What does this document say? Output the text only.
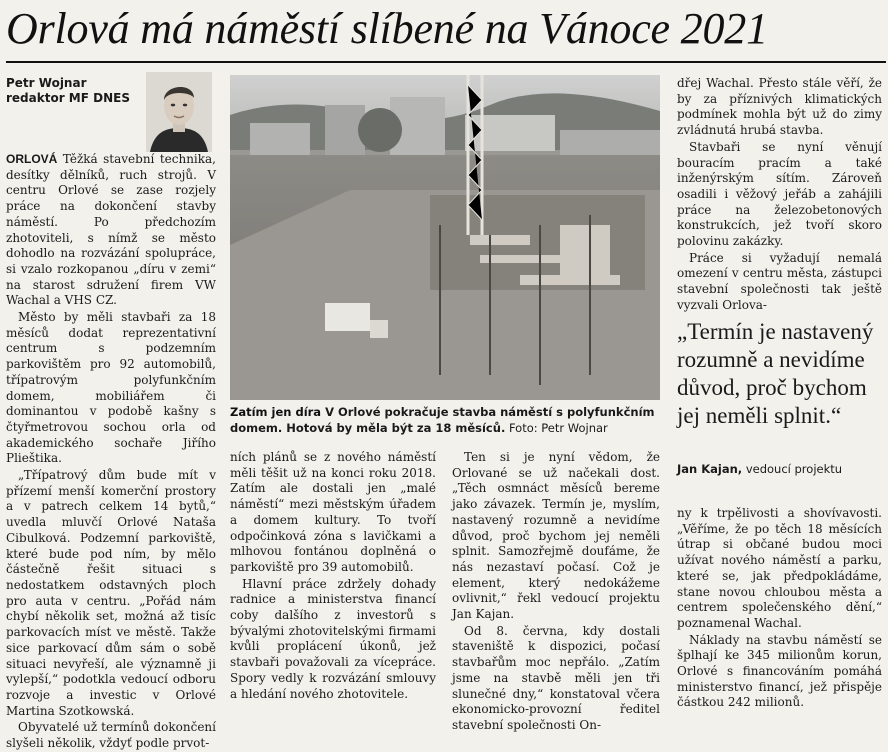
Orlová má náměstí slíbené na Vánoce 2021
Petr Wojnar
redaktor MF DNES

ORLOVÁ Těžká stavební technika, desítky dělníků, ruch strojů. V centru Orlové se zase rozjely práce na dokončení stavby náměstí. Po předchozím zhotoviteli, s nímž se město dohodlo na rozvázání spolupráce, si vzalo rozkopanou „díru v zemi“ na starost sdružení firem VW Wachal a VHS CZ.

Město by měli stavbaři za 18 měsíců dodat reprezentativní centrum s podzemním parkovištěm pro 92 automobilů, třípatrovým polyfunkčním domem, mobiliářem či dominantou v podobě kašny s čtyřmetrovou sochou orla od akademického sochaře Jiřího Plieštika.

„Třípatrový dům bude mít v přízemí menší komerční prostory a v patrech celkem 14 bytů,“ uvedla mluvčí Orlové Nataša Cibulková. Podzemní parkoviště, které bude pod ním, by mělo částečně řešit situaci s nedostatkem odstavných ploch pro auta v centru. „Pořád nám chybí několik set, možná až tisíc parkovacích míst ve městě. Takže sice parkovací dům sám o sobě situaci nevyřeší, ale významně ji vylepší,“ podotkla vedoucí odboru rozvoje a investic v Orlové Martina Szotkowská.

Obyvatelé už termínů dokončení slyšeli několik, vždyť podle prvot-

Zatím jen díra V Orlové pokračuje stavba náměstí s polyfunkčním domem. Hotová by měla být za 18 měsíců. Foto: Petr Wojnar

ních plánů se z nového náměstí měli těšit už na konci roku 2018. Zatím ale dostali jen „malé náměstí“ mezi městským úřadem a domem kultury. To tvoří odpočinková zóna s lavičkami a mlhovou fontánou doplněná o parkoviště pro 39 automobilů.

Hlavní práce zdržely dohady radnice a ministerstva financí coby dalšího z investorů s bývalými zhotovitelskými firmami kvůli proplácení úkonů, jež stavbaři považovali za vícepráce. Spory vedly k rozvázání smlouvy a hledání nového zhotovitele.

Ten si je nyní vědom, že Orlované se už načekali dost. „Těch osmnáct měsíců bereme jako závazek. Termín je, myslím, nastavený rozumně a nevidíme důvod, proč bychom jej neměli splnit. Samozřejmě doufáme, že nás nezastaví počasí. Což je element, který nedokážeme ovlivnit,“ řekl vedoucí projektu Jan Kajan.

Od 8. června, kdy dostali staveniště k dispozici, počasí stavbařům moc nepřálo. „Zatím jsme na stavbě měli jen tři slunečné dny,“ konstatoval včera ekonomicko-provozní ředitel stavební společnosti On-

dřej Wachal. Přesto stále věří, že by za příznivých klimatických podmínek mohla být už do zimy zvládnutá hrubá stavba.

Stavbaři se nyní věnují bouracím pracím a také inženýrským sítím. Zároveň osadili i věžový jeřáb a zahájili práce na železobetonových konstrukcích, jež tvoří skoro polovinu zakázky.

Práce si vyžadují nemalá omezení v centru města, zástupci stavební společnosti tak ještě vyzvali Orlova-

„Termín je nastavený rozumně a nevidíme důvod, proč bychom jej neměli splnit.“
Jan Kajan, vedoucí projektu

ny k trpělivosti a shovívavosti. „Věříme, že po těch 18 měsících útrap si občané budou moci užívat nového náměstí a parku, které se, jak předpokládáme, stane novou chloubou města a centrem společenského dění,“ poznamenal Wachal.

Náklady na stavbu náměstí se šplhají ke 345 milionům korun, Orlové s financováním pomáhá ministerstvo financí, jež přispěje částkou 242 milionů.
